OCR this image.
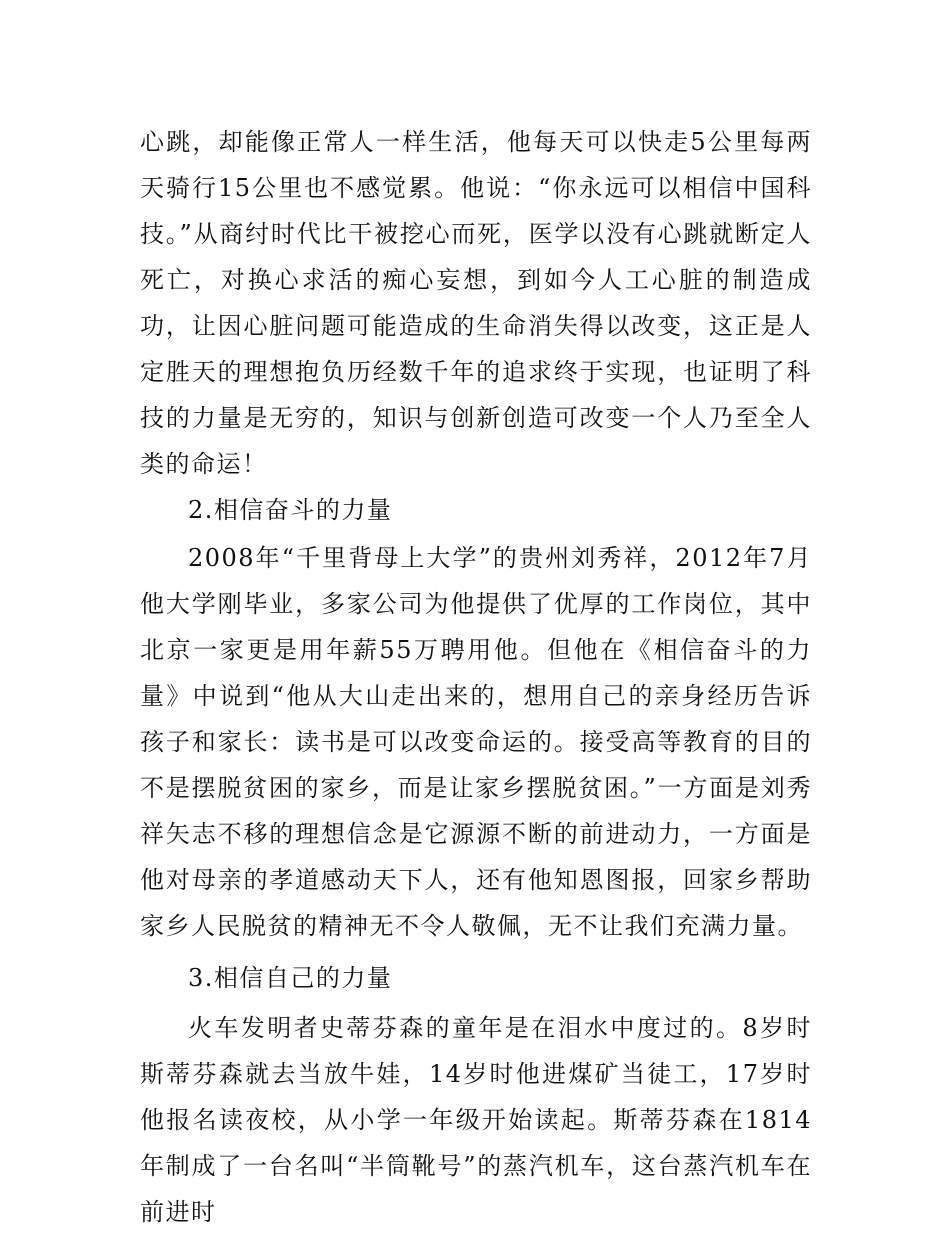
心跳，却能像正常人一样生活，他每天可以快走5公里每两天骑行15公里也不感觉累。他说：“你永远可以相信中国科技。”从商纣时代比干被挖心而死，医学以没有心跳就断定人死亡，对换心求活的痴心妄想，到如今人工心脏的制造成功，让因心脏问题可能造成的生命消失得以改变，这正是人定胜天的理想抱负历经数千年的追求终于实现，也证明了科技的力量是无穷的，知识与创新创造可改变一个人乃至全人类的命运！

2.相信奋斗的力量

2008年“千里背母上大学”的贵州刘秀祥，2012年7月他大学刚毕业，多家公司为他提供了优厚的工作岗位，其中北京一家更是用年薪55万聘用他。但他在《相信奋斗的力量》中说到“他从大山走出来的，想用自己的亲身经历告诉孩子和家长：读书是可以改变命运的。接受高等教育的目的不是摆脱贫困的家乡，而是让家乡摆脱贫困。”一方面是刘秀祥矢志不移的理想信念是它源源不断的前进动力，一方面是他对母亲的孝道感动天下人，还有他知恩图报，回家乡帮助家乡人民脱贫的精神无不令人敬佩，无不让我们充满力量。

3.相信自己的力量

火车发明者史蒂芬森的童年是在泪水中度过的。8岁时斯蒂芬森就去当放牛娃，14岁时他进煤矿当徒工，17岁时他报名读夜校，从小学一年级开始读起。斯蒂芬森在1814年制成了一台名叫“半筒靴号”的蒸汽机车，这台蒸汽机车在前进时
